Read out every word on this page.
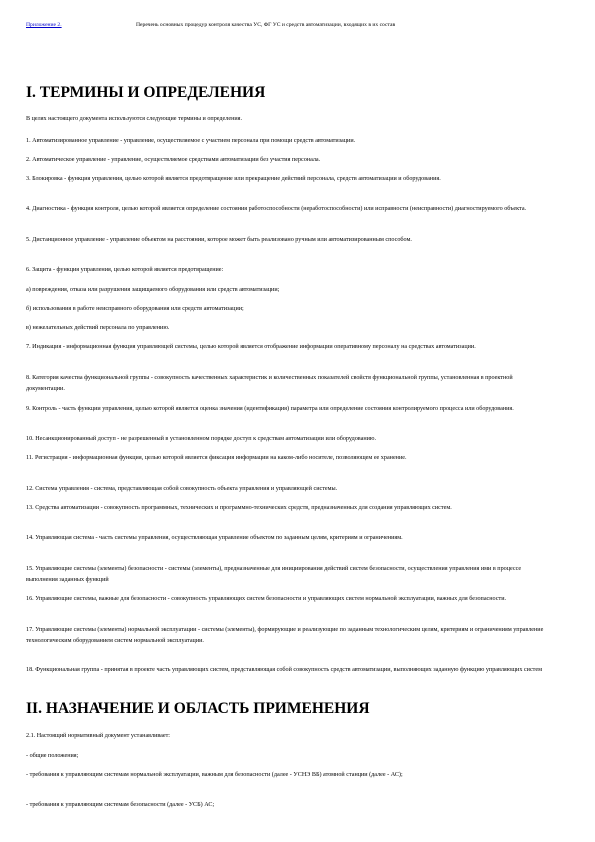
Приложение 2.	Перечень основных процедур контроля качества УС, ФГ УС и средств автоматизации, входящих в их состав
I. ТЕРМИНЫ И ОПРЕДЕЛЕНИЯ

В целях настоящего документа используются следующие термины и определения.

1. Автоматизированное управление - управление, осуществляемое с участием персонала при помощи средств автоматизации.

2. Автоматическое управление - управление, осуществляемое средствами автоматизации без участия персонала.

3. Блокировка - функция управления, целью которой является предотвращение или прекращение действий персонала, средств автоматизации и оборудования.

4. Диагностика - функция контроля, целью которой является определение состояния работоспособности (неработоспособности) или исправности (неисправности) диагностируемого объекта.

5. Дистанционное управление - управление объектом на расстоянии, которое может быть реализовано ручным или автоматизированным способом.

6. Защита - функция управления, целью которой является предотвращение:

а) повреждения, отказа или разрушения защищаемого оборудования или средств автоматизации;

б) использования в работе неисправного оборудования или средств автоматизации;

в) нежелательных действий персонала по управлению.

7. Индикация - информационная функция управляющей системы, целью которой является отображение информации оперативному персоналу на средствах автоматизации.

8. Категория качества функциональной группы - совокупность качественных характеристик и количественных показателей свойств функциональной группы, установленная в проектной документации.

9. Контроль - часть функции управления, целью которой является оценка значения (идентификация) параметра или определение состояния контролируемого процесса или оборудования.

10. Несанкционированный доступ - не разрешенный в установленном порядке доступ к средствам автоматизации или оборудованию.

11. Регистрация - информационная функция, целью которой является фиксация информации на каком-либо носителе, позволяющем ее хранение.

12. Система управления - система, представляющая собой совокупность объекта управления и управляющей системы.

13. Средства автоматизации - совокупность программных, технических и программно-технических средств, предназначенных для создания управляющих систем.

14. Управляющая система - часть системы управления, осуществляющая управление объектом по заданным целям, критериям и ограничениям.

15. Управляющие системы (элементы) безопасности - системы (элементы), предназначенные для инициирования действий систем безопасности, осуществления управления ими в процессе выполнения заданных функций

16. Управляющие системы, важные для безопасности - совокупность управляющих систем безопасности и управляющих систем нормальной эксплуатации, важных для безопасности.

17. Управляющие системы (элементы) нормальной эксплуатации - системы (элементы), формирующие и реализующие по заданным технологическим целям, критериям и ограничениям управление технологическим оборудованием систем нормальной эксплуатации.

18. Функциональная группа - принятая в проекте часть управляющих систем, представляющая собой совокупность средств автоматизации, выполняющих заданную функцию управляющих систем

II. НАЗНАЧЕНИЕ И ОБЛАСТЬ ПРИМЕНЕНИЯ

2.1. Настоящий нормативный документ устанавливает:

- общие положения;

- требования к управляющим системам нормальной эксплуатации, важным для безопасности (далее - УСНЭ ВБ) атомной станции (далее - АС);

- требования к управляющим системам безопасности (далее - УСБ) АС;
